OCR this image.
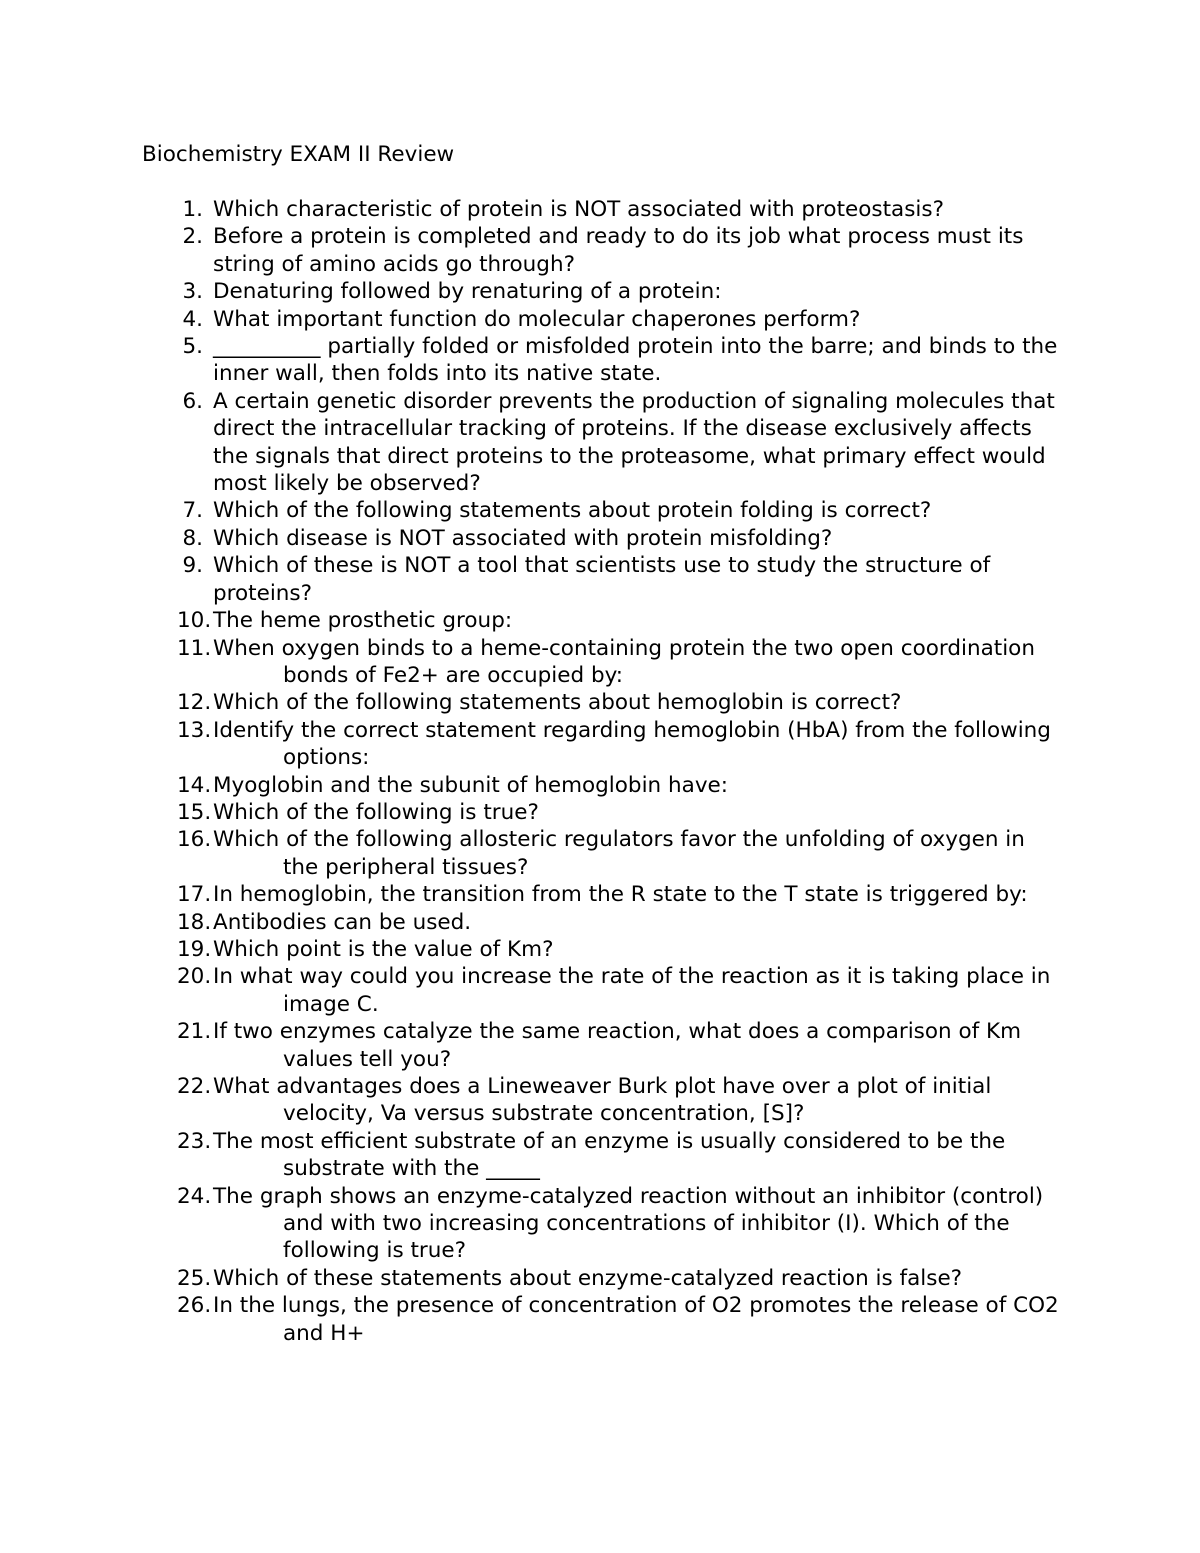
Biochemistry EXAM II Review
1. Which characteristic of protein is NOT associated with proteostasis?
2. Before a protein is completed and ready to do its job what process must its string of amino acids go through?
3. Denaturing followed by renaturing of a protein:
4. What important function do molecular chaperones perform?
5. __________ partially folded or misfolded protein into the barre; and binds to the inner wall, then folds into its native state.
6. A certain genetic disorder prevents the production of signaling molecules that direct the intracellular tracking of proteins. If the disease exclusively affects the signals that direct proteins to the proteasome, what primary effect would most likely be observed?
7. Which of the following statements about protein folding is correct?
8. Which disease is NOT associated with protein misfolding?
9. Which of these is NOT a tool that scientists use to study the structure of proteins?
10. The heme prosthetic group:
11. When oxygen binds to a heme-containing protein the two open coordination bonds of Fe2+ are occupied by:
12. Which of the following statements about hemoglobin is correct?
13. Identify the correct statement regarding hemoglobin (HbA) from the following options:
14. Myoglobin and the subunit of hemoglobin have:
15. Which of the following is true?
16. Which of the following allosteric regulators favor the unfolding of oxygen in the peripheral tissues?
17. In hemoglobin, the transition from the R state to the T state is triggered by:
18. Antibodies can be used.
19. Which point is the value of Km?
20. In what way could you increase the rate of the reaction as it is taking place in image C.
21. If two enzymes catalyze the same reaction, what does a comparison of Km values tell you?
22. What advantages does a Lineweaver Burk plot have over a plot of initial velocity, Va versus substrate concentration, [S]?
23. The most efficient substrate of an enzyme is usually considered to be the substrate with the _____
24. The graph shows an enzyme-catalyzed reaction without an inhibitor (control) and with two increasing concentrations of inhibitor (I). Which of the following is true?
25. Which of these statements about enzyme-catalyzed reaction is false?
26. In the lungs, the presence of concentration of O2 promotes the release of CO2 and H+
